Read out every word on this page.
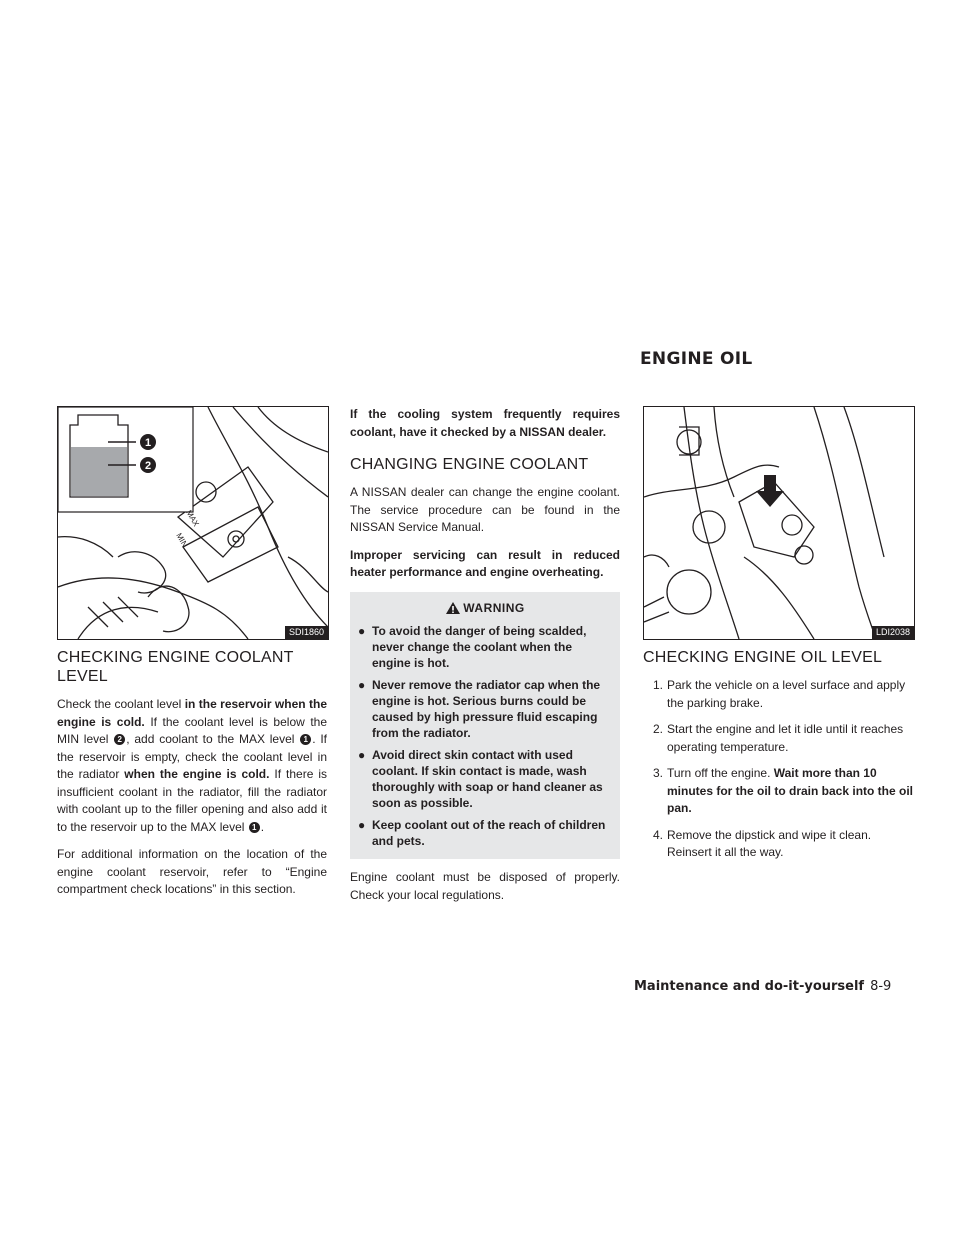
ENGINE OIL
MAX
MIN
1
2
SDI1860
CHECKING ENGINE COOLANT LEVEL

Check the coolant level in the reservoir when the engine is cold. If the coolant level is below the MIN level 2 , add coolant to the MAX level 1 . If the reservoir is empty, check the coolant level in the radiator when the engine is cold. If there is insufficient coolant in the radiator, fill the radiator with coolant up to the filler opening and also add it to the reservoir up to the MAX level 1 .

For additional information on the location of the engine coolant reservoir, refer to “Engine compartment check locations” in this section.

If the cooling system frequently requires coolant, have it checked by a NISSAN dealer.

CHANGING ENGINE COOLANT

A NISSAN dealer can change the engine coolant. The service procedure can be found in the NISSAN Service Manual.

Improper servicing can result in reduced heater performance and engine overheating.

WARNING
● To avoid the danger of being scalded, never change the coolant when the engine is hot.
● Never remove the radiator cap when the engine is hot. Serious burns could be caused by high pressure fluid escaping from the radiator.
● Avoid direct skin contact with used coolant. If skin contact is made, wash thoroughly with soap or hand cleaner as soon as possible.
● Keep coolant out of the reach of children and pets.

Engine coolant must be disposed of properly. Check your local regulations.

LDI2038
CHECKING ENGINE OIL LEVEL
1. Park the vehicle on a level surface and apply the parking brake.
2. Start the engine and let it idle until it reaches operating temperature.
3. Turn off the engine. Wait more than 10 minutes for the oil to drain back into the oil pan.
4. Remove the dipstick and wipe it clean. Reinsert it all the way.
Maintenance and do-it-yourself 8-9
